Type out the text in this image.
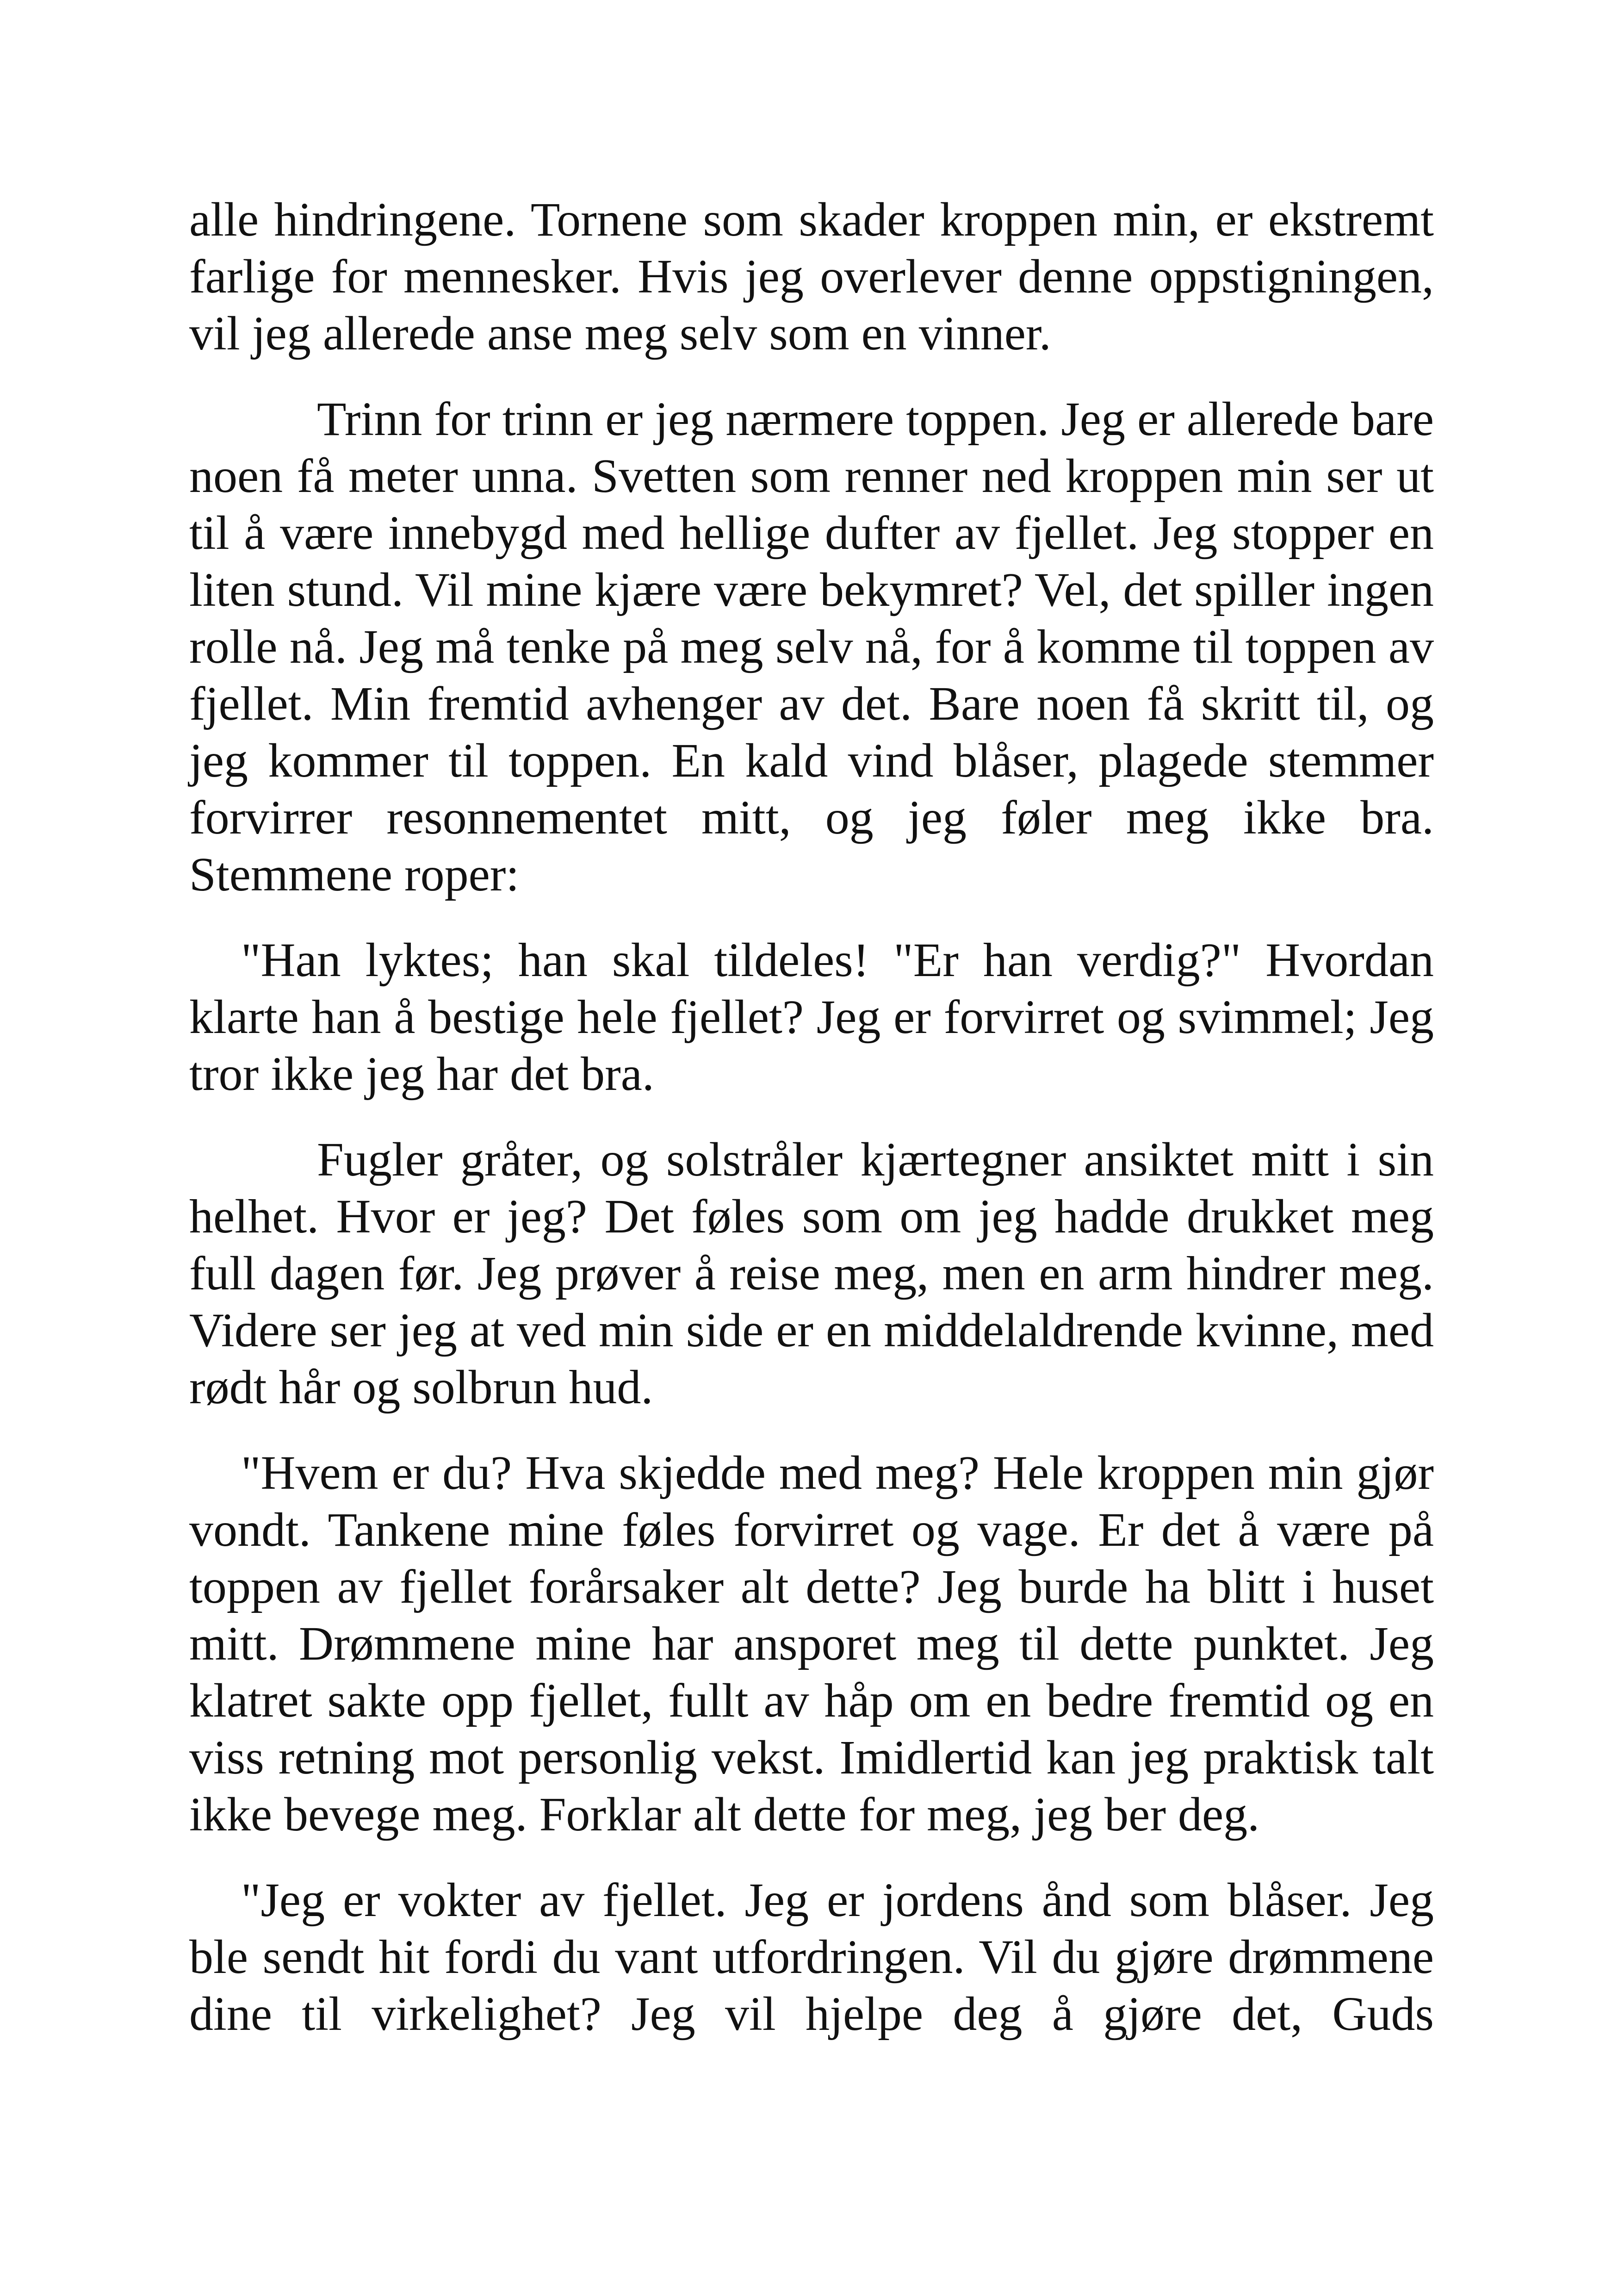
alle hindringene. Tornene som skader kroppen min, er ekstremt farlige for mennesker. Hvis jeg overlever denne oppstigningen, vil jeg allerede anse meg selv som en vinner.

Trinn for trinn er jeg nærmere toppen. Jeg er allerede bare noen få meter unna. Svetten som renner ned kroppen min ser ut til å være innebygd med hellige dufter av fjellet. Jeg stopper en liten stund. Vil mine kjære være bekymret? Vel, det spiller ingen rolle nå. Jeg må tenke på meg selv nå, for å komme til toppen av fjellet. Min fremtid avhenger av det. Bare noen få skritt til, og jeg kommer til toppen. En kald vind blåser, plagede stemmer forvirrer resonnementet mitt, og jeg føler meg ikke bra. Stemmene roper:

"Han lyktes; han skal tildeles! "Er han verdig?" Hvordan klarte han å bestige hele fjellet? Jeg er forvirret og svimmel; Jeg tror ikke jeg har det bra.

Fugler gråter, og solstråler kjærtegner ansiktet mitt i sin helhet. Hvor er jeg? Det føles som om jeg hadde drukket meg full dagen før. Jeg prøver å reise meg, men en arm hindrer meg. Videre ser jeg at ved min side er en middelaldrende kvinne, med rødt hår og solbrun hud.

"Hvem er du? Hva skjedde med meg? Hele kroppen min gjør vondt. Tankene mine føles forvirret og vage. Er det å være på toppen av fjellet forårsaker alt dette? Jeg burde ha blitt i huset mitt. Drømmene mine har ansporet meg til dette punktet. Jeg klatret sakte opp fjellet, fullt av håp om en bedre fremtid og en viss retning mot personlig vekst. Imidlertid kan jeg praktisk talt ikke bevege meg. Forklar alt dette for meg, jeg ber deg.

"Jeg er vokter av fjellet. Jeg er jordens ånd som blåser. Jeg ble sendt hit fordi du vant utfordringen. Vil du gjøre drømmene dine til virkelighet? Jeg vil hjelpe deg å gjøre det, Guds
